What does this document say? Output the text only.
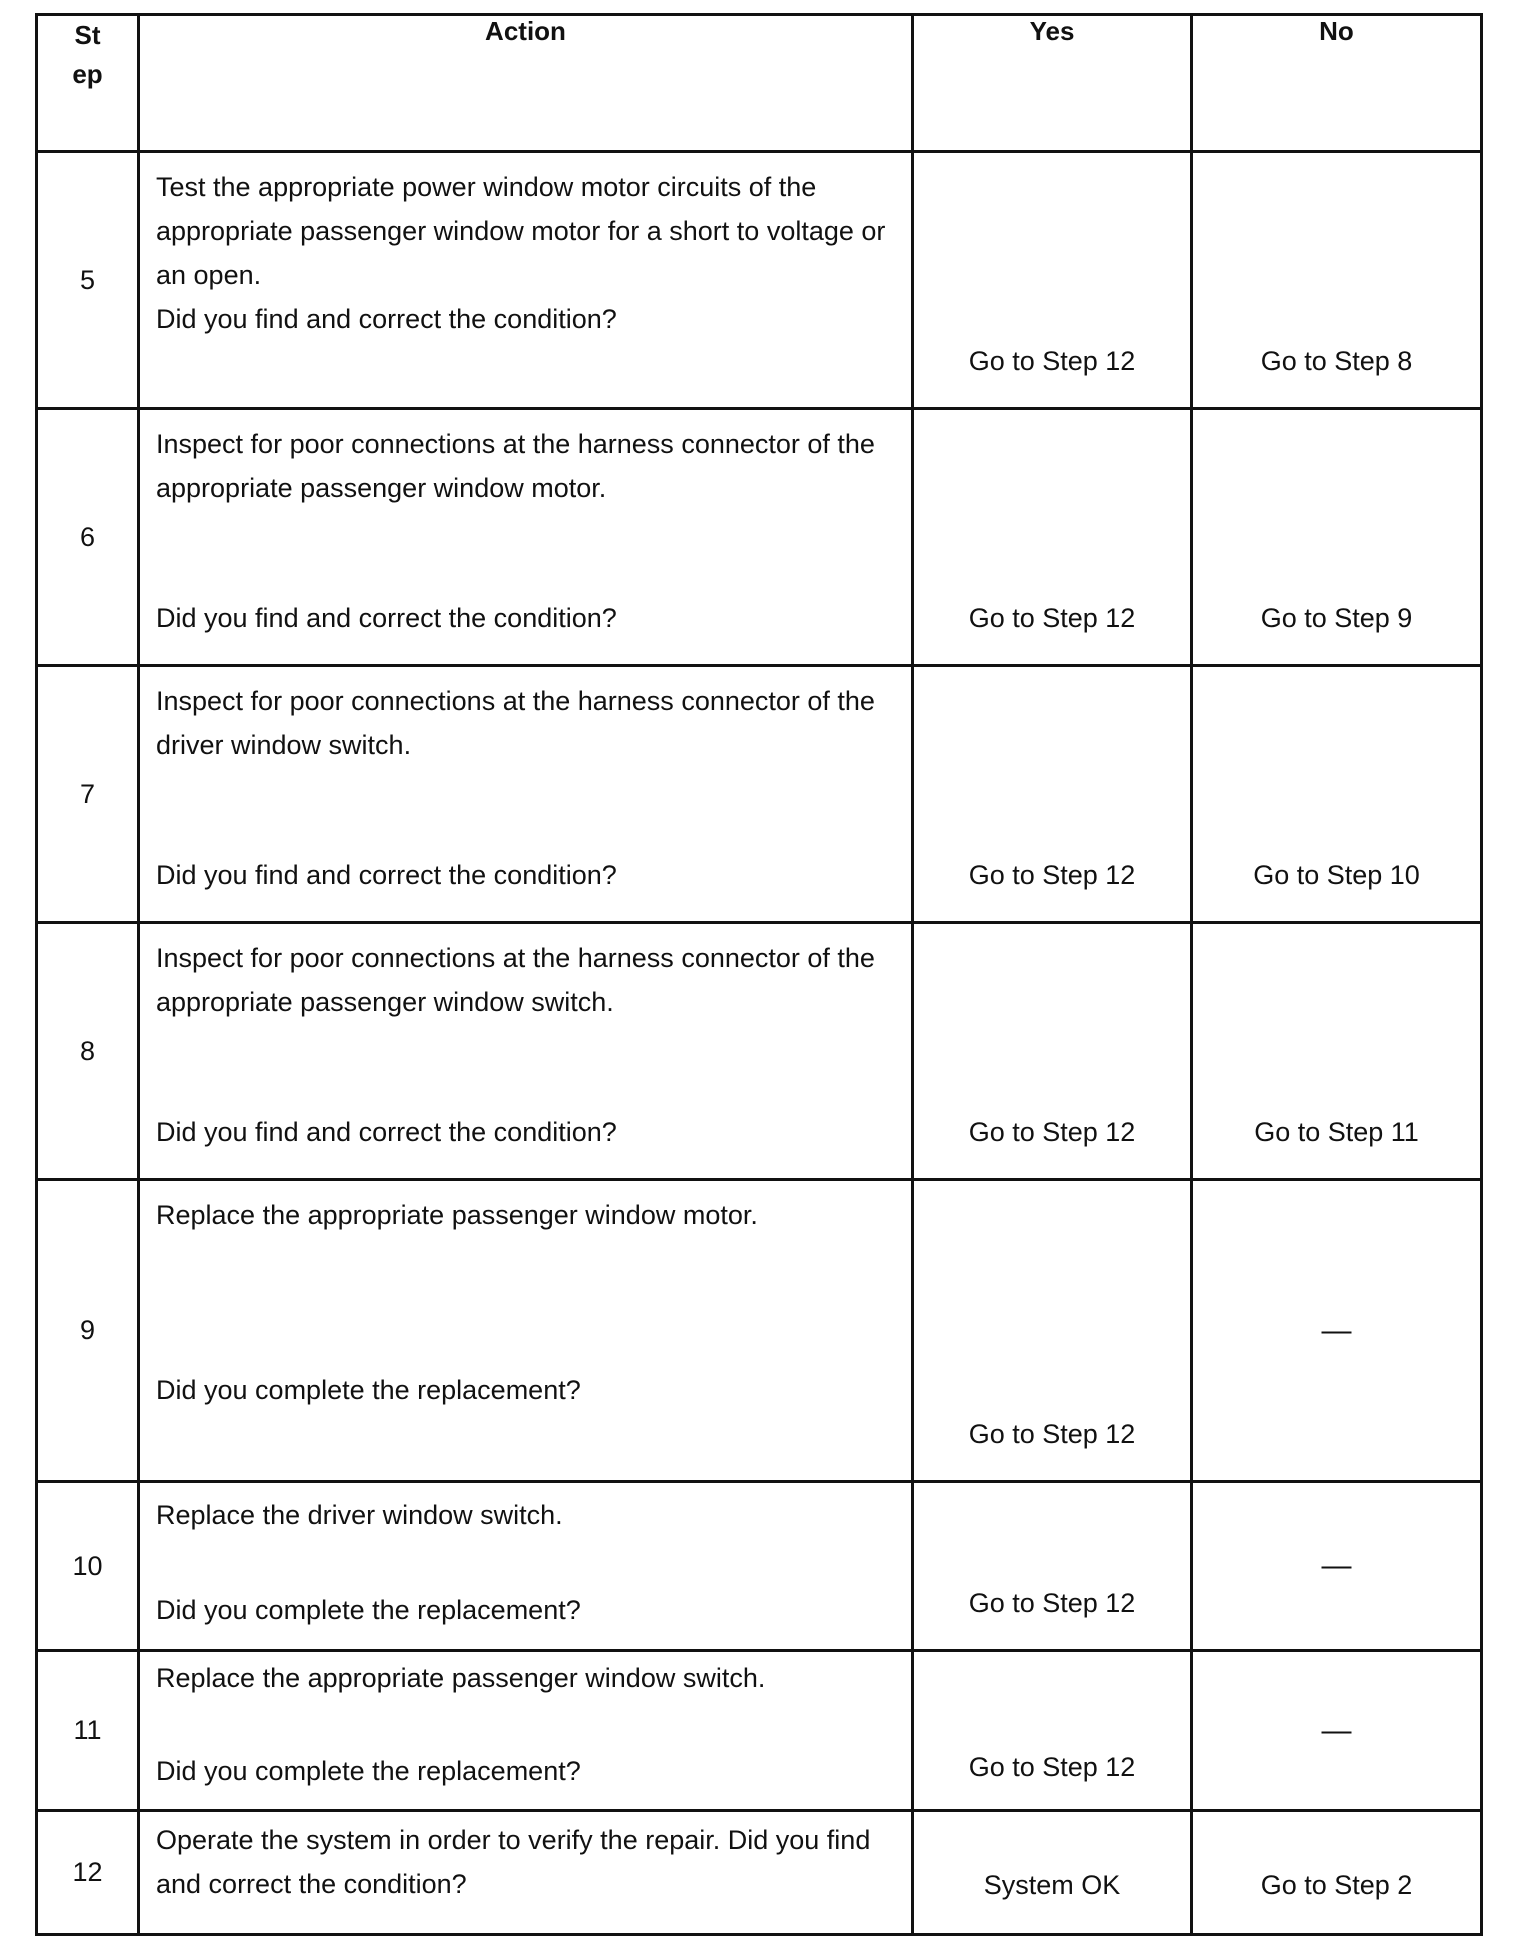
St
ep	Action	Yes	No
5	Test the appropriate power window motor circuits of the appropriate passenger window motor for a short to voltage or an open.
Did you find and correct the condition?	Go to Step 12	Go to Step 8

6	Inspect for poor connections at the harness connector of the appropriate passenger window motor.
Did you find and correct the condition?	Go to Step 12	Go to Step 9

7	Inspect for poor connections at the harness connector of the driver window switch.
Did you find and correct the condition?	Go to Step 12	Go to Step 10

8	Inspect for poor connections at the harness connector of the appropriate passenger window switch.
Did you find and correct the condition?	Go to Step 12	Go to Step 11

9	Replace the appropriate passenger window motor.
Did you complete the replacement?	Go to Step 12	—
10	Replace the driver window switch.
Did you complete the replacement?	Go to Step 12	—
11	Replace the appropriate passenger window switch.
Did you complete the replacement?	Go to Step 12	—
12	Operate the system in order to verify the repair. Did you find and correct the condition?	System OK	Go to Step 2
